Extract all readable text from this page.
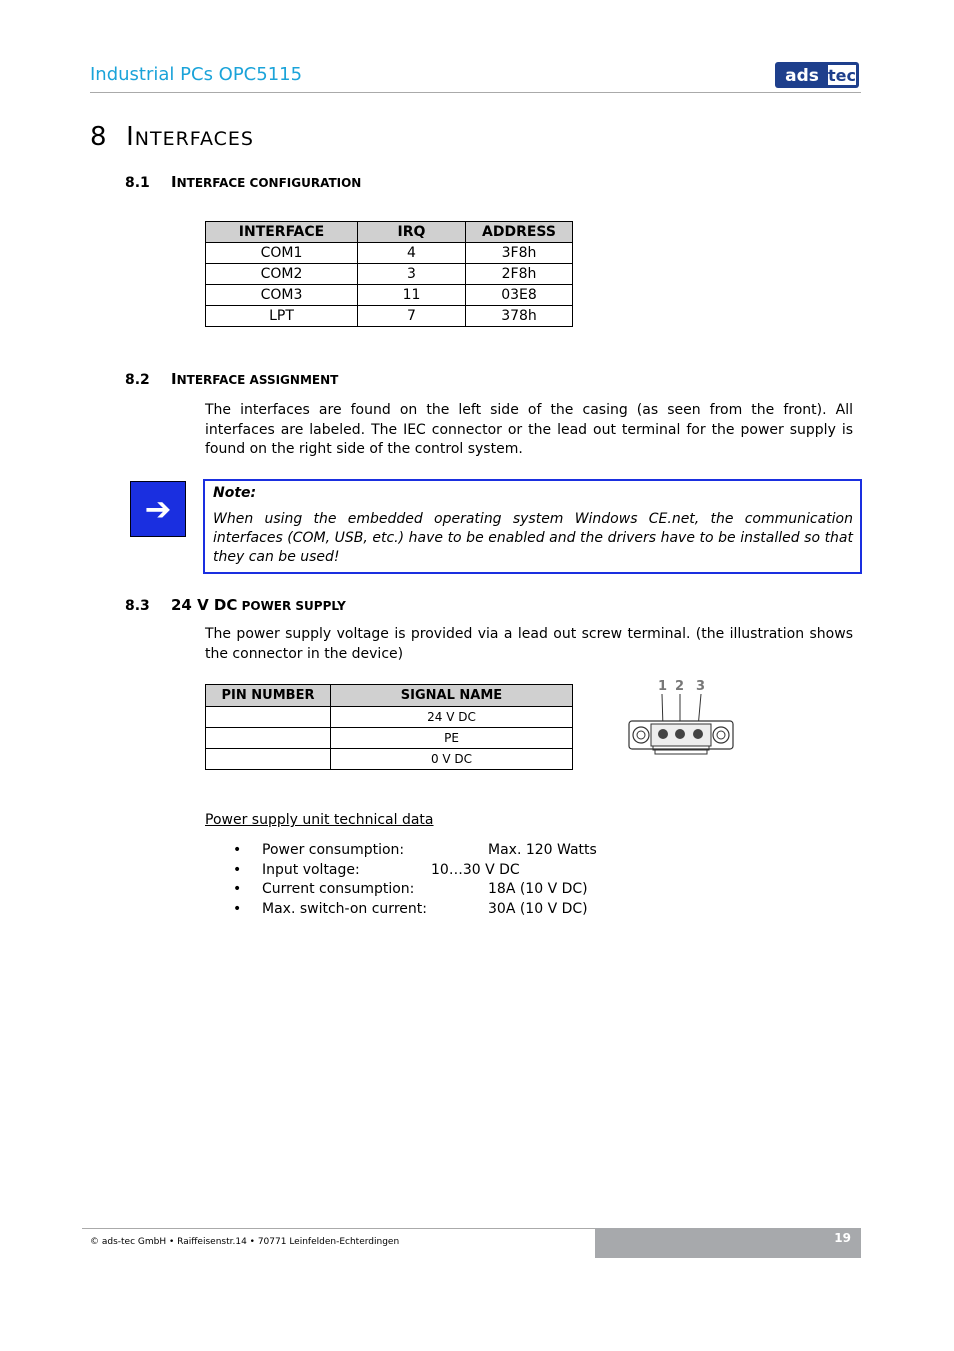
Industrial PCs OPC5115	ads tec
8 INTERFACES
8.1 INTERFACE CONFIGURATION
INTERFACE	IRQ	ADDRESS
COM1	4	3F8h
COM2	3	2F8h
COM3	11	03E8
LPT	7	378h
8.2 INTERFACE ASSIGNMENT
The interfaces are found on the left side of the casing (as seen from the front). All interfaces are labeled. The IEC connector or the lead out terminal for the power supply is found on the right side of the control system.
➔	Note:
When using the embedded operating system Windows CE.net, the communication interfaces (COM, USB, etc.) have to be enabled and the drivers have to be installed so that they can be used!
8.3 24 V DC POWER SUPPLY
The power supply voltage is provided via a lead out screw terminal. (the illustration shows the connector in the device)
PIN NUMBER	SIGNAL NAME
	24 V DC
	PE
	0 V DC
1 2 3
Power supply unit technical data
• Power consumption:	Max. 120 Watts
• Input voltage:	10…30 V DC
• Current consumption:	18A (10 V DC)
• Max. switch-on current:	30A (10 V DC)
19
© ads-tec GmbH • Raiffeisenstr.14 • 70771 Leinfelden-Echterdingen
